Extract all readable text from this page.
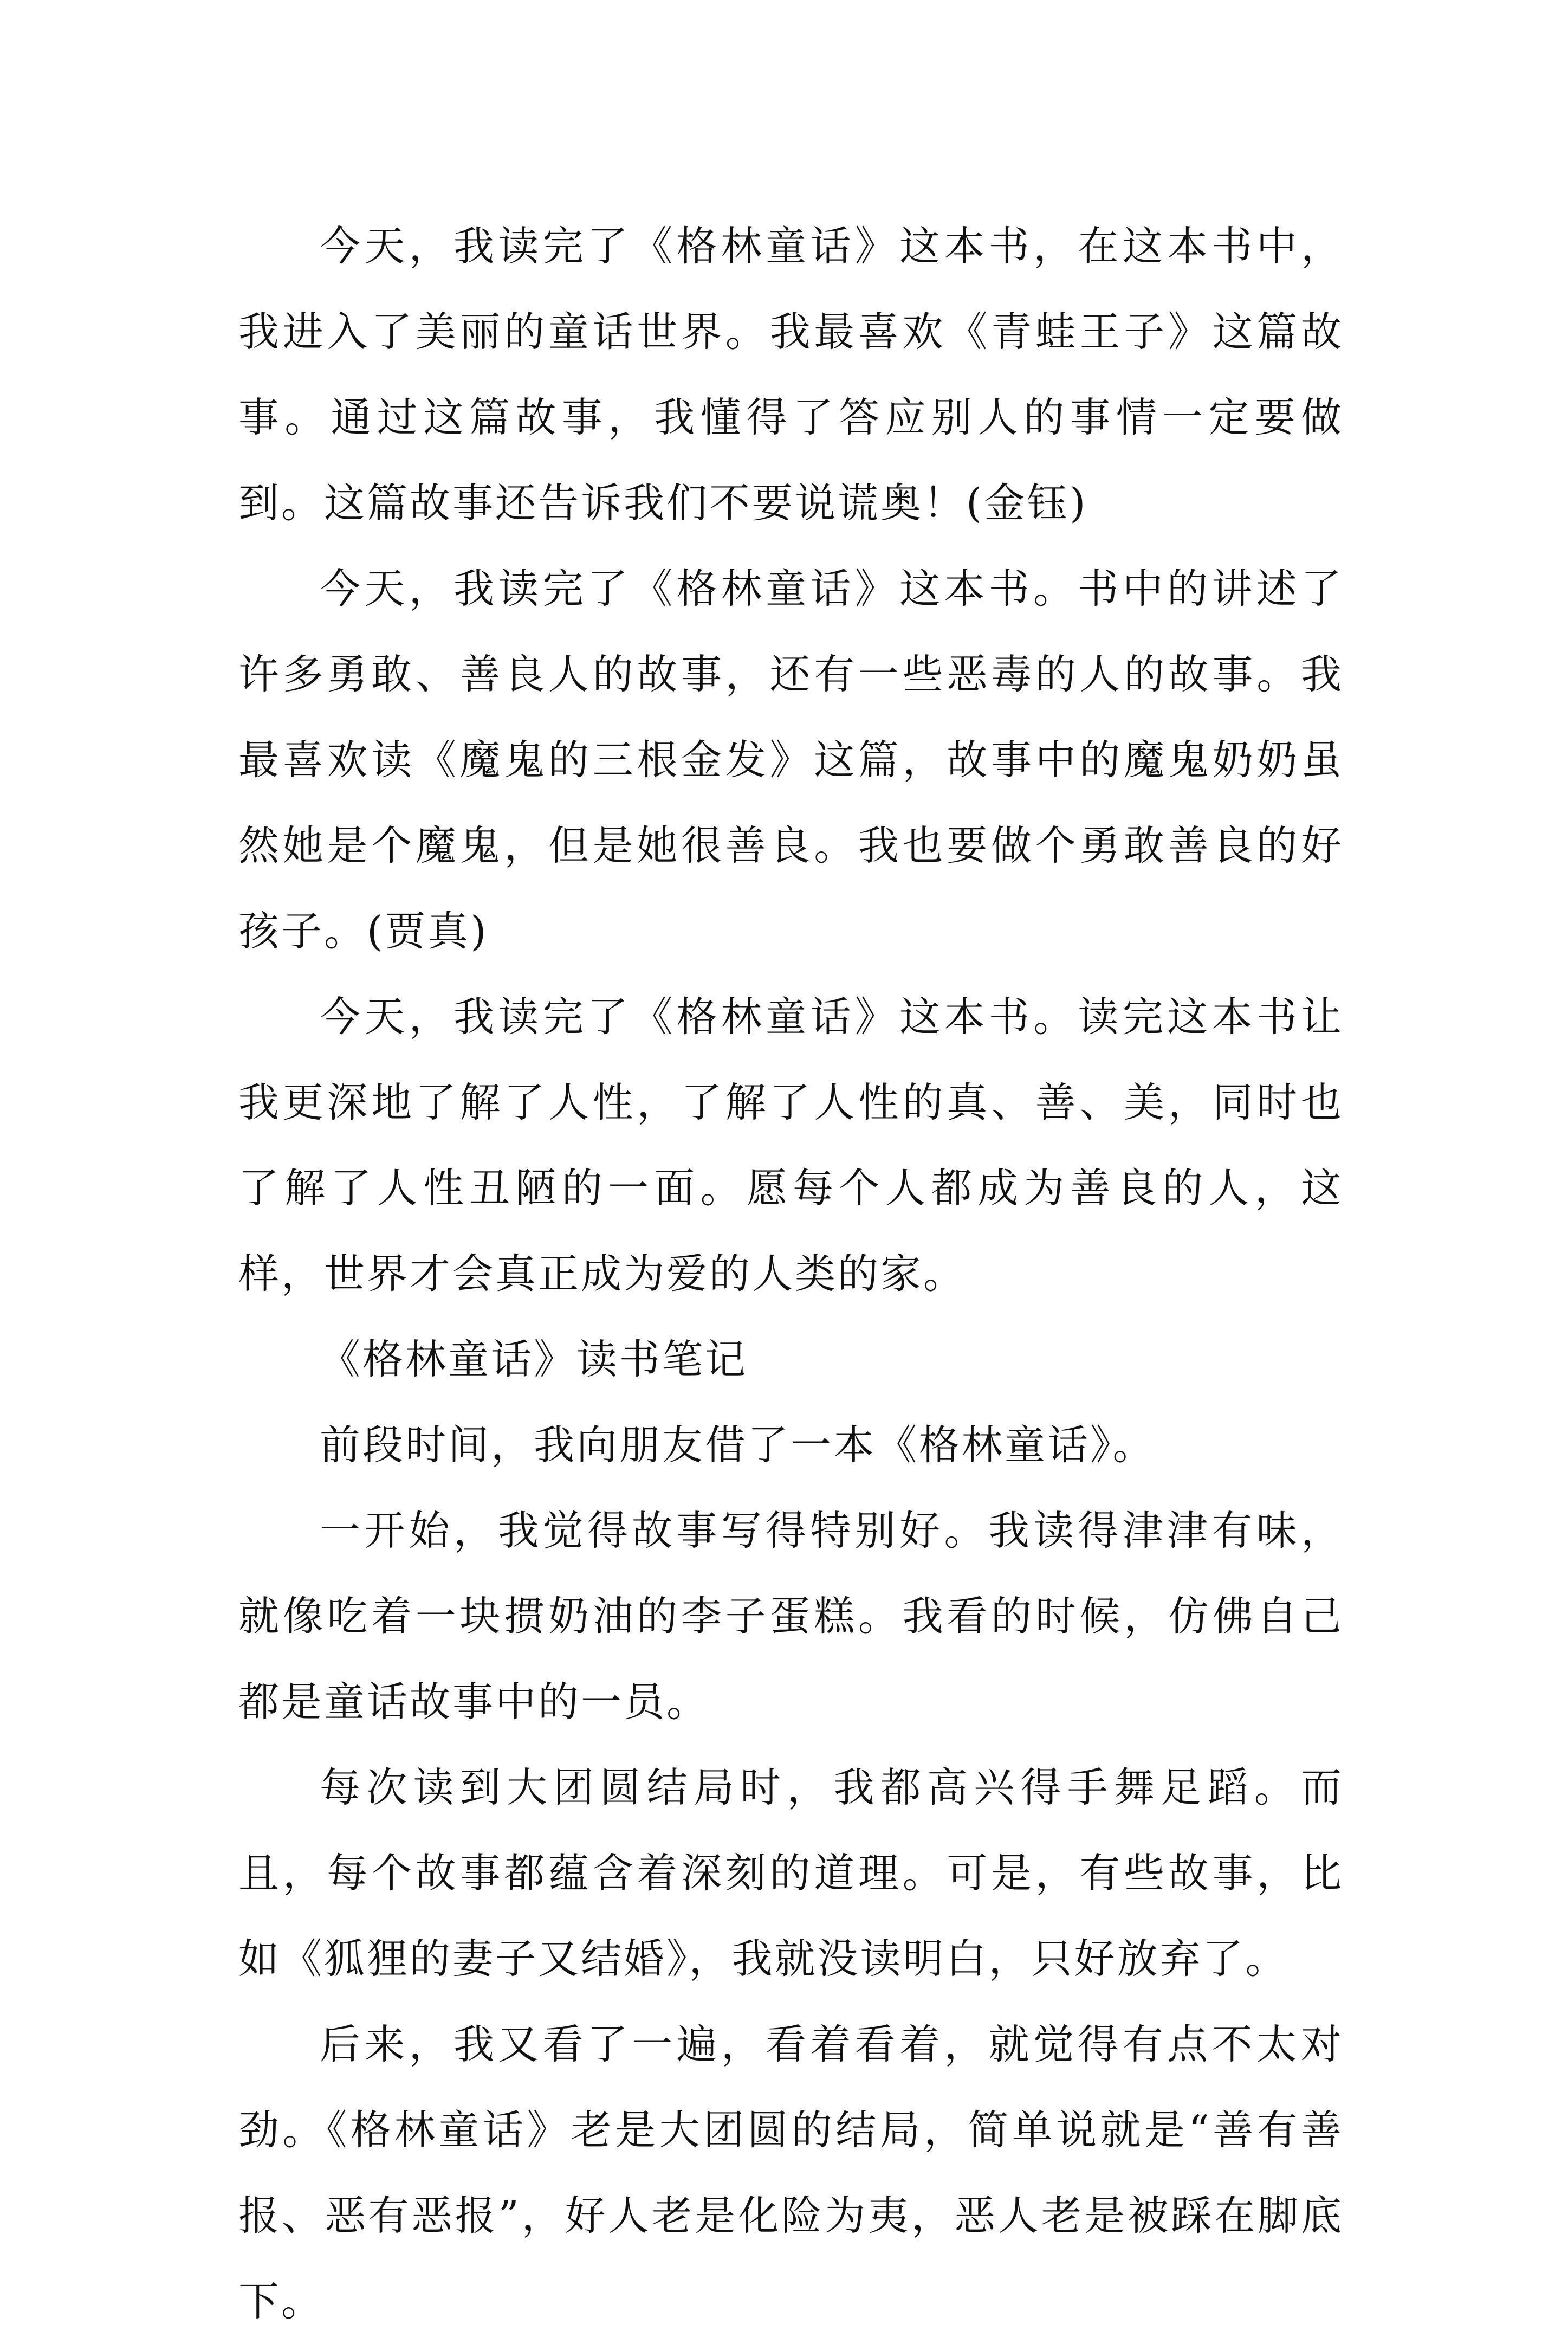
今天，我读完了《格林童话》这本书，在这本书中，我进入了美丽的童话世界。我最喜欢《青蛙王子》这篇故事。通过这篇故事，我懂得了答应别人的事情一定要做到。这篇故事还告诉我们不要说谎奥！(金钰)

今天，我读完了《格林童话》这本书。书中的讲述了许多勇敢、善良人的故事，还有一些恶毒的人的故事。我最喜欢读《魔鬼的三根金发》这篇，故事中的魔鬼奶奶虽然她是个魔鬼，但是她很善良。我也要做个勇敢善良的好孩子。(贾真)

今天，我读完了《格林童话》这本书。读完这本书让我更深地了解了人性，了解了人性的真、善、美，同时也了解了人性丑陋的一面。愿每个人都成为善良的人，这样，世界才会真正成为爱的人类的家。

《格林童话》读书笔记

前段时间，我向朋友借了一本《格林童话》。

一开始，我觉得故事写得特别好。我读得津津有味，就像吃着一块掼奶油的李子蛋糕。我看的时候，仿佛自己都是童话故事中的一员。

每次读到大团圆结局时，我都高兴得手舞足蹈。而且，每个故事都蕴含着深刻的道理。可是，有些故事，比如《狐狸的妻子又结婚》，我就没读明白，只好放弃了。

后来，我又看了一遍，看着看着，就觉得有点不太对劲。《格林童话》老是大团圆的结局，简单说就是“善有善报、恶有恶报”，好人老是化险为夷，恶人老是被踩在脚底下。
